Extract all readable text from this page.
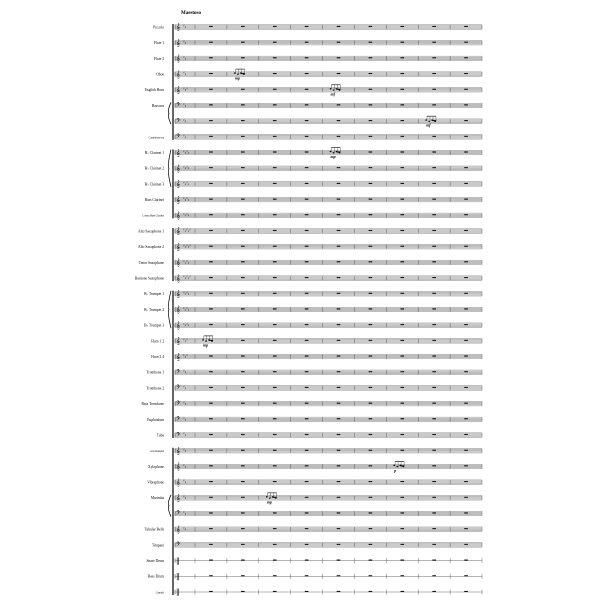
Piccolo
Flute 1
Flute 2
Oboe
English Horn
Bassoon
Contrabassoon
B♭ Clarinet 1
B♭ Clarinet 2
B♭ Clarinet 3
Bass Clarinet
Contra Bass Clarinet
Alto Saxophone 1
Alto Saxophone 2
Tenor Saxophone
Baritone Saxophone
B♭ Trumpet 1
B♭ Trumpet 2
B♭ Trumpet 3
Horn 1 2
Horn 3 4
Trombone 1
Trombone 2
Bass Trombone
Euphonium
Tuba
Glockenspiel
Xylophone
Vibraphone
Marimba
Tubular Bells
Timpani
Snare Drum
Bass Drum
Cymbal
𝄞 ♯ ♯
𝄞 ♯ ♯
𝄞 ♯ ♯
𝄞 ♯ ♯
𝄞 ♯ ♯ ♯
𝄢 ♯ ♯
𝄢 ♯ ♯
𝄢 ♯ ♯
𝄞 ♯ ♯ ♯ ♯
𝄞 ♯ ♯ ♯ ♯
𝄞 ♯ ♯ ♯ ♯
𝄞 ♯ ♯ ♯ ♯
𝄞 ♯ ♯ ♯ ♯
𝄞 ♯ ♯ ♯ ♯ ♯
𝄞 ♯ ♯ ♯ ♯ ♯
𝄞 ♯ ♯ ♯ ♯
𝄞 ♯ ♯ ♯ ♯ ♯
𝄞 ♯ ♯ ♯ ♯
𝄞 ♯ ♯ ♯ ♯
𝄞 ♯ ♯ ♯ ♯
𝄞 ♯ ♯ ♯
𝄞 ♯ ♯ ♯
𝄢 ♯ ♯
𝄢 ♯ ♯
𝄢 ♯ ♯
𝄢 ♯ ♯
𝄢 ♯ ♯
𝄞 ♯ ♯
𝄞 ♯ ♯
𝄞 ♯ ♯
𝄞 ♯ ♯
𝄢 ♯ ♯
𝄞 ♯ ♯
𝄢
‖
‖
‖
mp
mf
mf
mp
mp
p
mp
Maestoso
